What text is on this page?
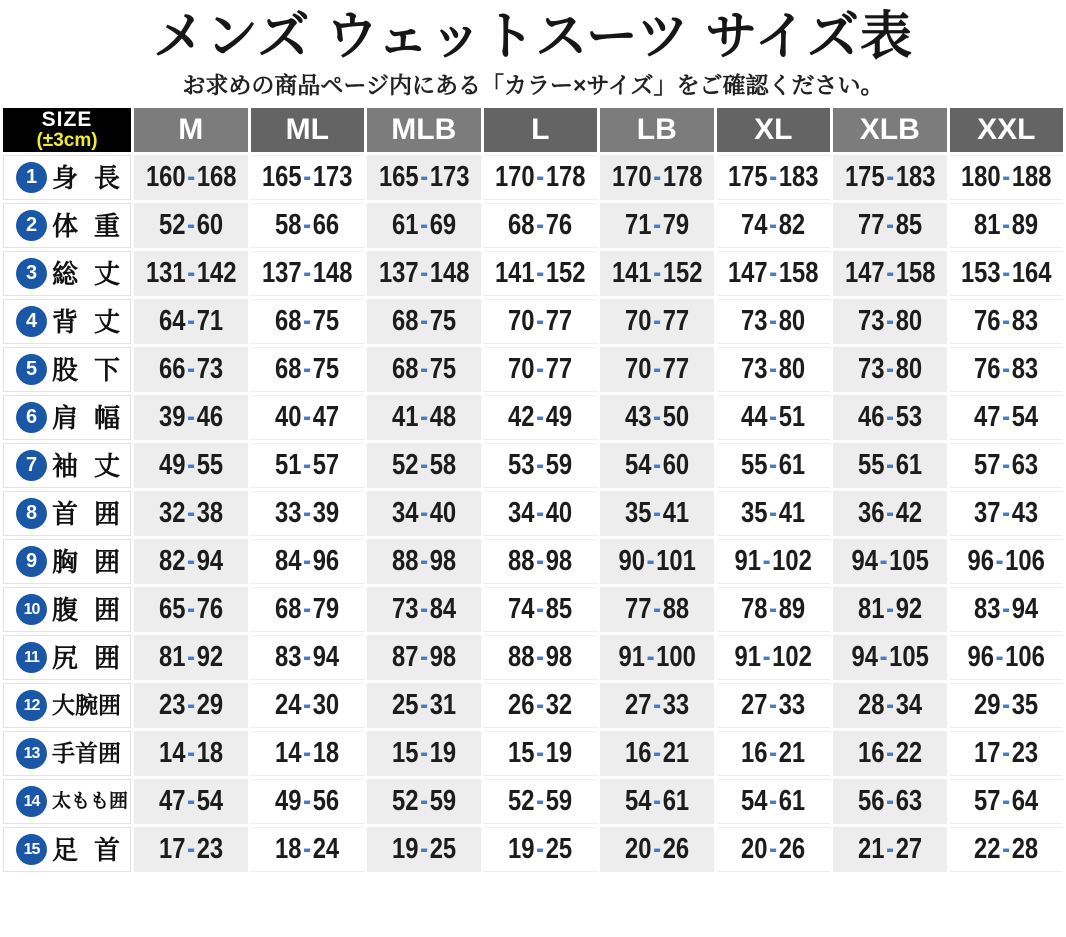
メンズ ウェットスーツ サイズ表

お求めの商品ページ内にある「カラー×サイズ」をご確認ください。

SIZE
(±3cm)	M	ML	MLB	L	LB	XL	XLB	XXL

1 身長	160-168	165-173	165-173	170-178	170-178	175-183	175-183	180-188

2 体重	52-60	58-66	61-69	68-76	71-79	74-82	77-85	81-89

3 総丈	131-142	137-148	137-148	141-152	141-152	147-158	147-158	153-164

4 背丈	64-71	68-75	68-75	70-77	70-77	73-80	73-80	76-83

5 股下	66-73	68-75	68-75	70-77	70-77	73-80	73-80	76-83

6 肩幅	39-46	40-47	41-48	42-49	43-50	44-51	46-53	47-54

7 袖丈	49-55	51-57	52-58	53-59	54-60	55-61	55-61	57-63

8 首囲	32-38	33-39	34-40	34-40	35-41	35-41	36-42	37-43

9 胸囲	82-94	84-96	88-98	88-98	90-101	91-102	94-105	96-106

10 腹囲	65-76	68-79	73-84	74-85	77-88	78-89	81-92	83-94

11 尻囲	81-92	83-94	87-98	88-98	91-100	91-102	94-105	96-106

12 大腕囲	23-29	24-30	25-31	26-32	27-33	27-33	28-34	29-35

13 手首囲	14-18	14-18	15-19	15-19	16-21	16-21	16-22	17-23

14 太もも囲	47-54	49-56	52-59	52-59	54-61	54-61	56-63	57-64

15 足首	17-23	18-24	19-25	19-25	20-26	20-26	21-27	22-28
